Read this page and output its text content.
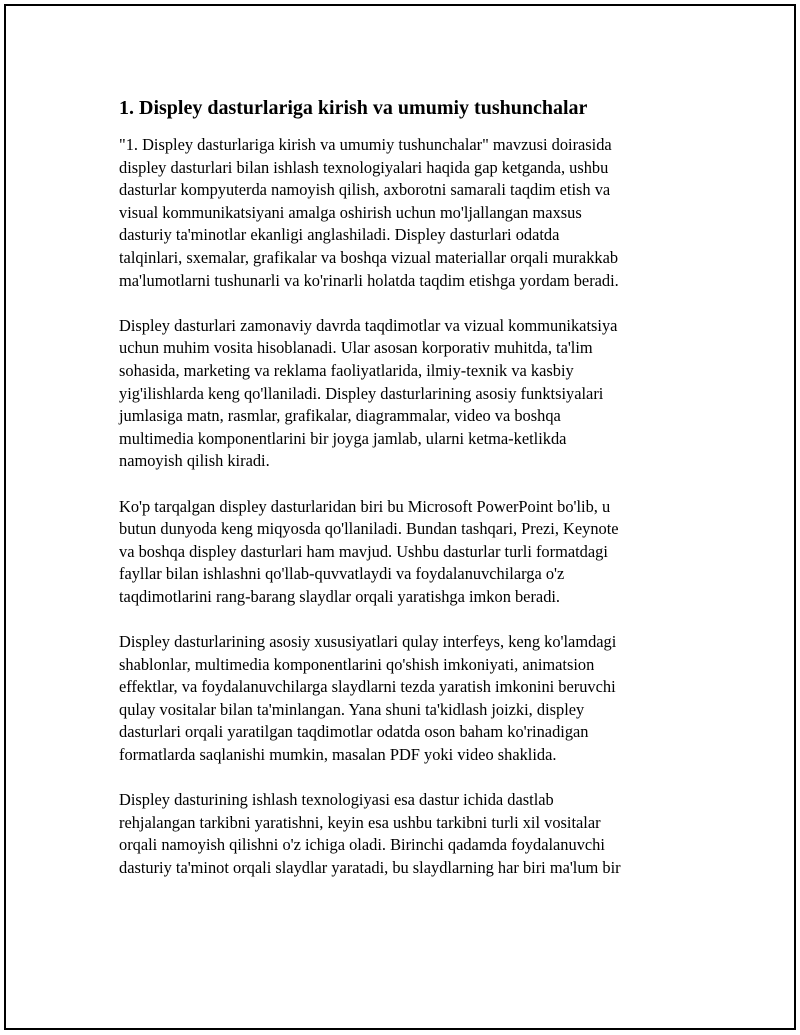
1. Displey dasturlariga kirish va umumiy tushunchalar

"1. Displey dasturlariga kirish va umumiy tushunchalar" mavzusi doirasida
displey dasturlari bilan ishlash texnologiyalari haqida gap ketganda, ushbu
dasturlar kompyuterda namoyish qilish, axborotni samarali taqdim etish va
visual kommunikatsiyani amalga oshirish uchun mo'ljallangan maxsus
dasturiy ta'minotlar ekanligi anglashiladi. Displey dasturlari odatda
talqinlari, sxemalar, grafikalar va boshqa vizual materiallar orqali murakkab
ma'lumotlarni tushunarli va ko'rinarli holatda taqdim etishga yordam beradi.

Displey dasturlari zamonaviy davrda taqdimotlar va vizual kommunikatsiya
uchun muhim vosita hisoblanadi. Ular asosan korporativ muhitda, ta'lim
sohasida, marketing va reklama faoliyatlarida, ilmiy-texnik va kasbiy
yig'ilishlarda keng qo'llaniladi. Displey dasturlarining asosiy funktsiyalari
jumlasiga matn, rasmlar, grafikalar, diagrammalar, video va boshqa
multimedia komponentlarini bir joyga jamlab, ularni ketma-ketlikda
namoyish qilish kiradi.

Ko'p tarqalgan displey dasturlaridan biri bu Microsoft PowerPoint bo'lib, u
butun dunyoda keng miqyosda qo'llaniladi. Bundan tashqari, Prezi, Keynote
va boshqa displey dasturlari ham mavjud. Ushbu dasturlar turli formatdagi
fayllar bilan ishlashni qo'llab-quvvatlaydi va foydalanuvchilarga o'z
taqdimotlarini rang-barang slaydlar orqali yaratishga imkon beradi.

Displey dasturlarining asosiy xususiyatlari qulay interfeys, keng ko'lamdagi
shablonlar, multimedia komponentlarini qo'shish imkoniyati, animatsion
effektlar, va foydalanuvchilarga slaydlarni tezda yaratish imkonini beruvchi
qulay vositalar bilan ta'minlangan. Yana shuni ta'kidlash joizki, displey
dasturlari orqali yaratilgan taqdimotlar odatda oson baham ko'rinadigan
formatlarda saqlanishi mumkin, masalan PDF yoki video shaklida.

Displey dasturining ishlash texnologiyasi esa dastur ichida dastlab
rehjalangan tarkibni yaratishni, keyin esa ushbu tarkibni turli xil vositalar
orqali namoyish qilishni o'z ichiga oladi. Birinchi qadamda foydalanuvchi
dasturiy ta'minot orqali slaydlar yaratadi, bu slaydlarning har biri ma'lum bir
